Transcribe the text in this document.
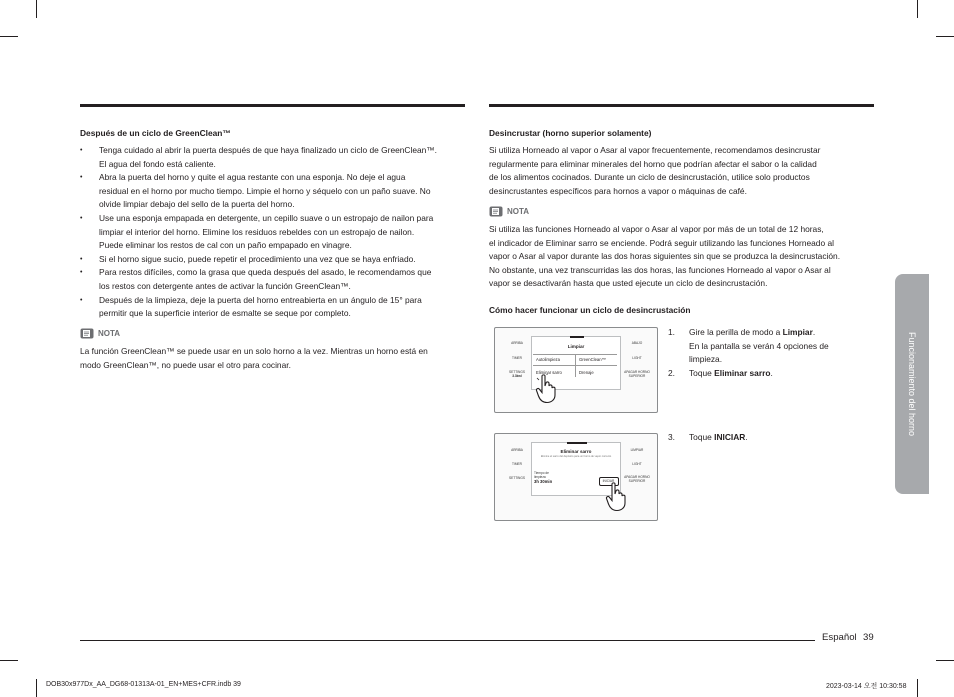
Después de un ciclo de GreenClean™
• Tenga cuidado al abrir la puerta después de que haya finalizado un ciclo de GreenClean™.
El agua del fondo está caliente.
• Abra la puerta del horno y quite el agua restante con una esponja. No deje el agua
residual en el horno por mucho tiempo. Limpie el horno y séquelo con un paño suave. No
olvide limpiar debajo del sello de la puerta del horno.
• Use una esponja empapada en detergente, un cepillo suave o un estropajo de nailon para
limpiar el interior del horno. Elimine los residuos rebeldes con un estropajo de nailon.
Puede eliminar los restos de cal con un paño empapado en vinagre.
• Si el horno sigue sucio, puede repetir el procedimiento una vez que se haya enfriado.
• Para restos difíciles, como la grasa que queda después del asado, le recomendamos que
los restos con detergente antes de activar la función GreenClean™.
• Después de la limpieza, deje la puerta del horno entreabierta en un ángulo de 15° para
permitir que la superficie interior de esmalte se seque por completo.
NOTA
La función GreenClean™ se puede usar en un solo horno a la vez. Mientras un horno está en
modo GreenClean™, no puede usar el otro para cocinar.
Desincrustar (horno superior solamente)
Si utiliza Horneado al vapor o Asar al vapor frecuentemente, recomendamos desincrustar
regularmente para eliminar minerales del horno que podrían afectar el sabor o la calidad
de los alimentos cocinados. Durante un ciclo de desincrustación, utilice solo productos
desincrustantes específicos para hornos a vapor o máquinas de café.
NOTA
Si utiliza las funciones Horneado al vapor o Asar al vapor por más de un total de 12 horas,
el indicador de Eliminar sarro se enciende. Podrá seguir utilizando las funciones Horneado al
vapor o Asar al vapor durante las dos horas siguientes sin que se produzca la desincrustación.
No obstante, una vez transcurridas las dos horas, las funciones Horneado al vapor o Asar al
vapor se desactivarán hasta que usted ejecute un ciclo de desincrustación.
Cómo hacer funcionar un ciclo de desincrustación
Limpiar
Autolimpieza	GreenClean™
Eliminar sarro	Drenaje
ARRIBA
TIMER
SETTINGS
3.3kwl
ABAJO
LIGHT
APAGAR HORNO SUPERIOR
1. Gire la perilla de modo a Limpiar.
En la pantalla se verán 4 opciones de
limpieza.
2. Toque Eliminar sarro.
Eliminar sarro
Elimine el sarro del depósito para un horno de vapor correcto
Tiempo de limpieza
3h 30min	INICIAR
ARRIBA
TIMER
SETTINGS
LIMPIAR
LIGHT
APAGAR HORNO SUPERIOR
3. Toque INICIAR.
Funcionamiento del horno
Español 39
DOB30x977Dx_AA_DG68-01313A-01_EN+MES+CFR.indb 39	2023-03-14 오전 10:30:58
